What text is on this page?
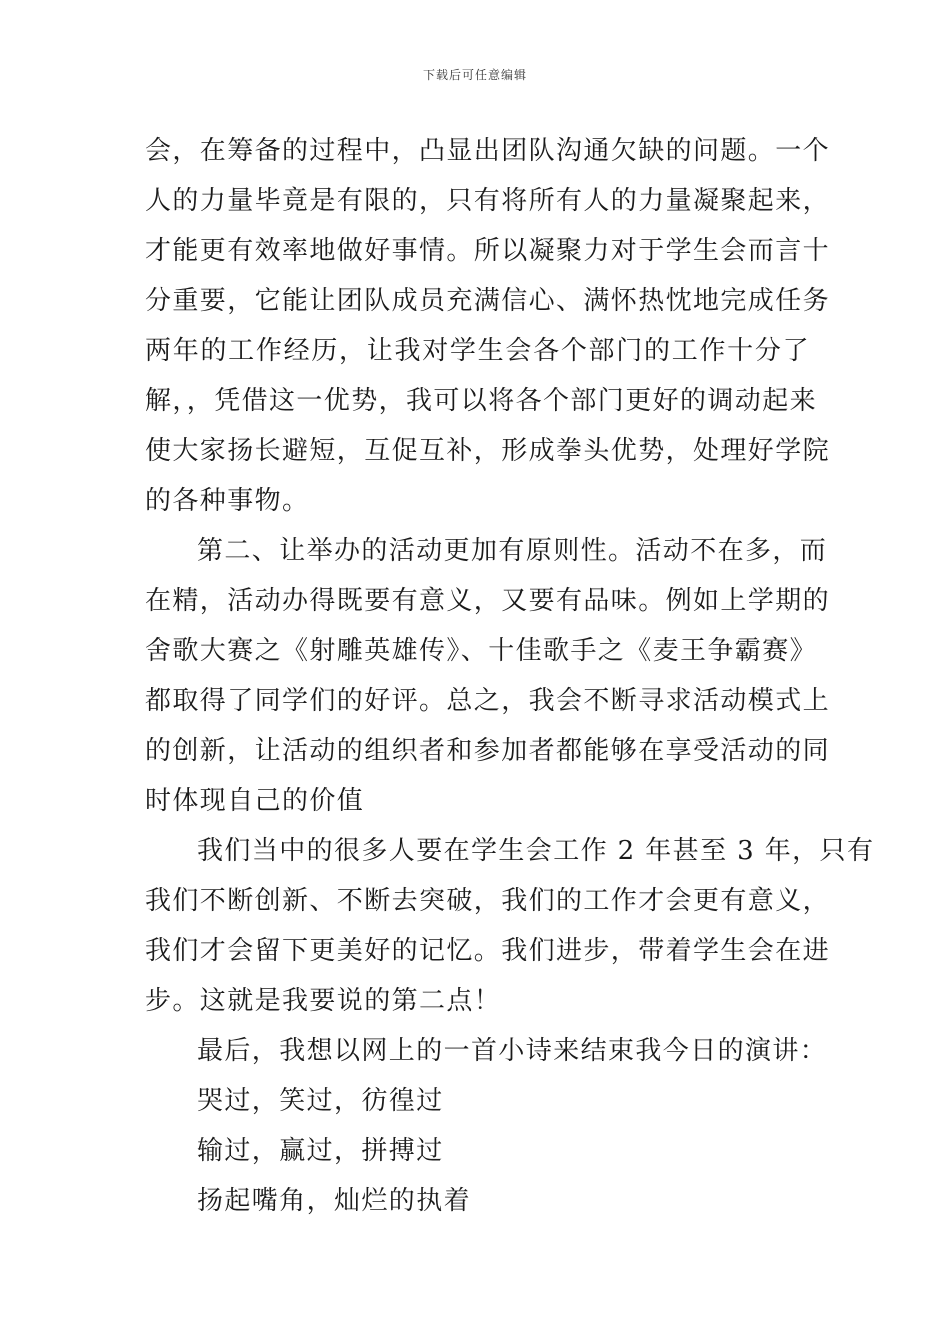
下载后可任意编辑
会，在筹备的过程中，凸显出团队沟通欠缺的问题。一个
人的力量毕竟是有限的，只有将所有人的力量凝聚起来，
才能更有效率地做好事情。所以凝聚力对于学生会而言十
分重要，它能让团队成员充满信心、满怀热忱地完成任务
两年的工作经历，让我对学生会各个部门的工作十分了
解，，凭借这一优势，我可以将各个部门更好的调动起来
使大家扬长避短，互促互补，形成拳头优势，处理好学院
的各种事物。
第二、让举办的活动更加有原则性。活动不在多，而
在精，活动办得既要有意义，又要有品味。例如上学期的
舍歌大赛之《射雕英雄传》、十佳歌手之《麦王争霸赛》
都取得了同学们的好评。总之，我会不断寻求活动模式上
的创新，让活动的组织者和参加者都能够在享受活动的同
时体现自己的价值
我们当中的很多人要在学生会工作 2 年甚至 3 年，只有
我们不断创新、不断去突破，我们的工作才会更有意义，
我们才会留下更美好的记忆。我们进步，带着学生会在进
步。这就是我要说的第二点！
最后，我想以网上的一首小诗来结束我今日的演讲：
哭过，笑过，彷徨过
输过，赢过，拼搏过
扬起嘴角，灿烂的执着
